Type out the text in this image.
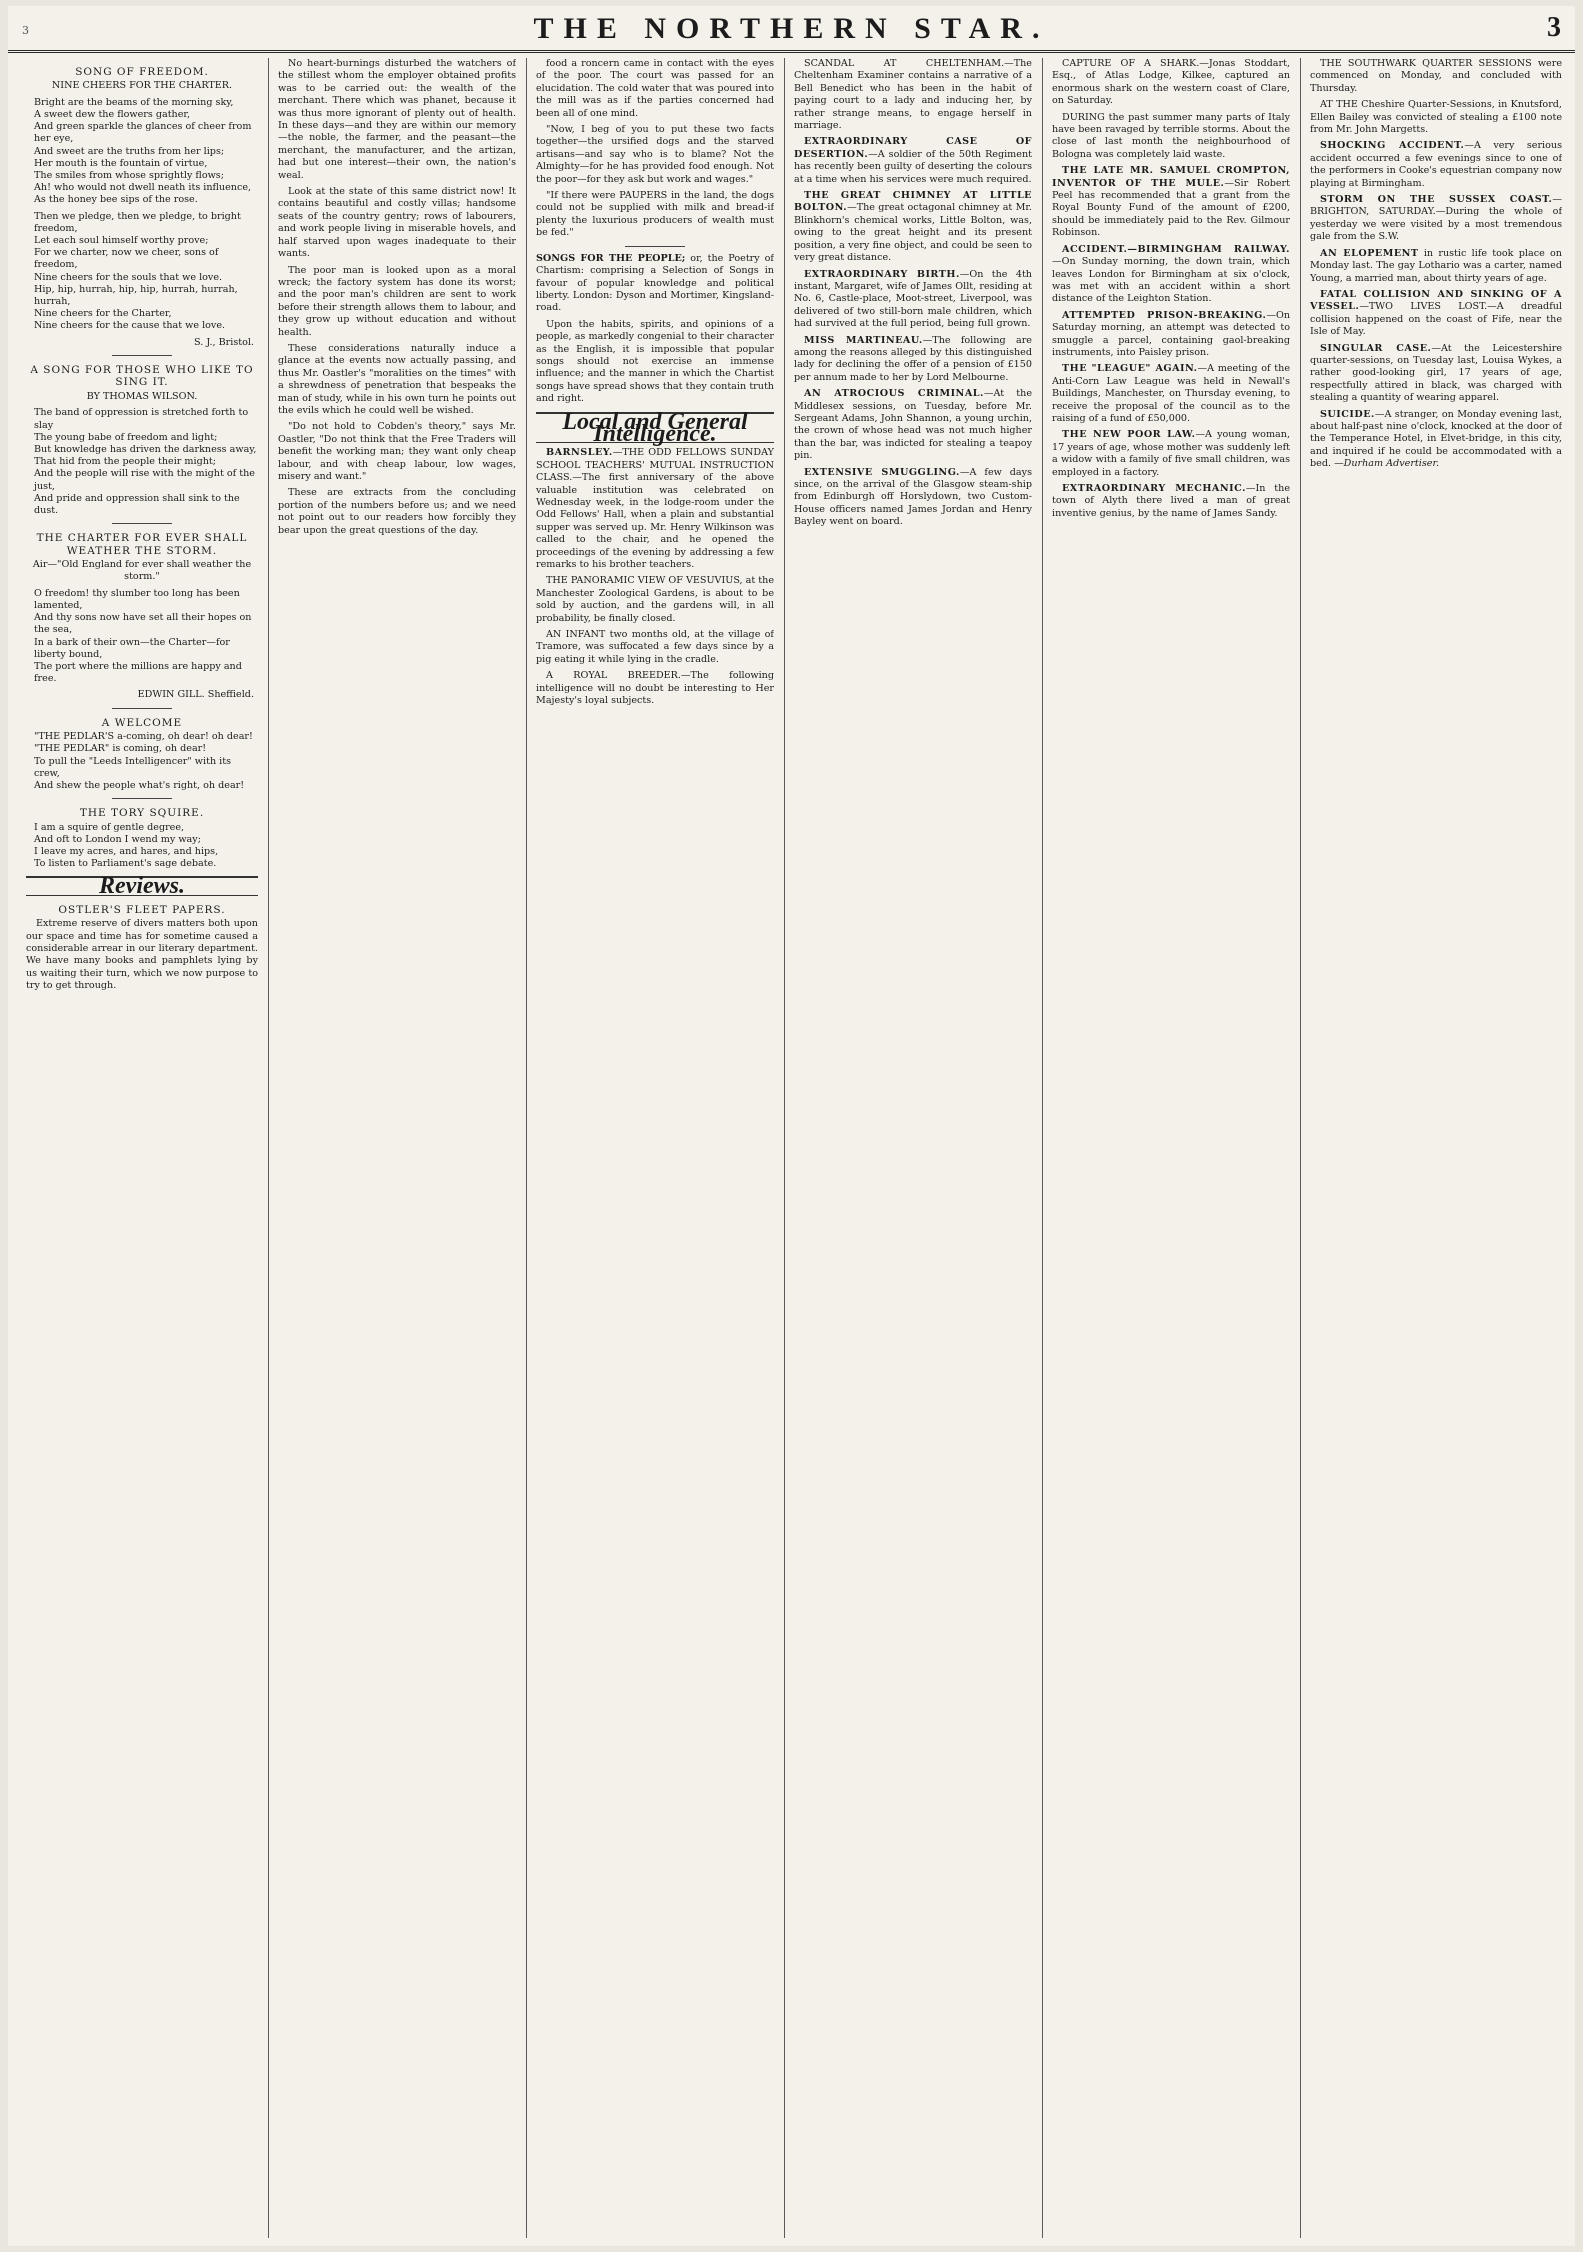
3	THE NORTHERN STAR.	3
SONG OF FREEDOM.
NINE CHEERS FOR THE CHARTER.
Bright are the beams of the morning sky,
A sweet dew the flowers gather,
And green sparkle the glances of cheer from her eye,
And sweet are the truths from her lips;
Her mouth is the fountain of virtue,
The smiles from whose sprightly flows;
Ah! who would not dwell neath its influence,
As the honey bee sips of the rose.
Then we pledge, then we pledge, to bright freedom,
Let each soul himself worthy prove;
For we charter, now we cheer, sons of freedom,
Nine cheers for the souls that we love.
Hip, hip, hurrah, hip, hip, hurrah, hurrah, hurrah,
Nine cheers for the Charter,
Nine cheers for the cause that we love.
S. J., Bristol.
A SONG FOR THOSE WHO LIKE TO SING IT.
BY THOMAS WILSON.
The band of oppression is stretched forth to slay
The young babe of freedom and light;
But knowledge has driven the darkness away,
That hid from the people their might;
And the people will rise with the might of the just,
And pride and oppression shall sink to the dust.
THE CHARTER FOR EVER SHALL WEATHER THE STORM.
Air—"Old England for ever shall weather the storm."
O freedom! thy slumber too long has been lamented,
And thy sons now have set all their hopes on the sea,
In a bark of their own—the Charter—for liberty bound,
The port where the millions are happy and free.
EDWIN GILL. Sheffield.
A WELCOME
"THE PEDLAR'S a-coming, oh dear! oh dear!
"THE PEDLAR" is coming, oh dear!
To pull the "Leeds Intelligencer" with its crew,
And shew the people what's right, oh dear!
THE TORY SQUIRE.
I am a squire of gentle degree,
And oft to London I wend my way;
I leave my acres, and hares, and hips,
To listen to Parliament's sage debate.
Reviews.
OSTLER'S FLEET PAPERS.

Extreme reserve of divers matters both upon our space and time has for sometime caused a considerable arrear in our literary department. We have many books and pamphlets lying by us waiting their turn, which we now purpose to try to get through.

No heart-burnings disturbed the watchers of the stillest whom the employer obtained profits was to be carried out: the wealth of the merchant. There which was phanet, because it was thus more ignorant of plenty out of health. In these days—and they are within our memory—the noble, the farmer, and the peasant—the merchant, the manufacturer, and the artizan, had but one interest—their own, the nation's weal.

Look at the state of this same district now! It contains beautiful and costly villas; handsome seats of the country gentry; rows of labourers, and work people living in miserable hovels, and half starved upon wages inadequate to their wants.

The poor man is looked upon as a moral wreck; the factory system has done its worst; and the poor man's children are sent to work before their strength allows them to labour, and they grow up without education and without health.

These considerations naturally induce a glance at the events now actually passing, and thus Mr. Oastler's "moralities on the times" with a shrewdness of penetration that bespeaks the man of study, while in his own turn he points out the evils which he could well be wished.

"Do not hold to Cobden's theory," says Mr. Oastler, "Do not think that the Free Traders will benefit the working man; they want only cheap labour, and with cheap labour, low wages, misery and want."

These are extracts from the concluding portion of the numbers before us; and we need not point out to our readers how forcibly they bear upon the great questions of the day.

food a roncern came in contact with the eyes of the poor. The court was passed for an elucidation. The cold water that was poured into the mill was as if the parties concerned had been all of one mind.

"Now, I beg of you to put these two facts together—the ursified dogs and the starved artisans—and say who is to blame? Not the Almighty—for he has provided food enough. Not the poor—for they ask but work and wages."

"If there were PAUPERS in the land, the dogs could not be supplied with milk and bread-if plenty the luxurious producers of wealth must be fed."

SONGS FOR THE PEOPLE; or, the Poetry of Chartism: comprising a Selection of Songs in favour of popular knowledge and political liberty. London: Dyson and Mortimer, Kingsland-road.

Upon the habits, spirits, and opinions of a people, as markedly congenial to their character as the English, it is impossible that popular songs should not exercise an immense influence; and the manner in which the Chartist songs have spread shows that they contain truth and right.

Local and General Intelligence.

BARNSLEY.—THE ODD FELLOWS SUNDAY SCHOOL TEACHERS' MUTUAL INSTRUCTION CLASS.—The first anniversary of the above valuable institution was celebrated on Wednesday week, in the lodge-room under the Odd Fellows' Hall, when a plain and substantial supper was served up. Mr. Henry Wilkinson was called to the chair, and he opened the proceedings of the evening by addressing a few remarks to his brother teachers.

THE PANORAMIC VIEW OF VESUVIUS, at the Manchester Zoological Gardens, is about to be sold by auction, and the gardens will, in all probability, be finally closed.

AN INFANT two months old, at the village of Tramore, was suffocated a few days since by a pig eating it while lying in the cradle.

A ROYAL BREEDER.—The following intelligence will no doubt be interesting to Her Majesty's loyal subjects.

SCANDAL AT CHELTENHAM.—The Cheltenham Examiner contains a narrative of a Bell Benedict who has been in the habit of paying court to a lady and inducing her, by rather strange means, to engage herself in marriage.

EXTRAORDINARY CASE OF DESERTION.—A soldier of the 50th Regiment has recently been guilty of deserting the colours at a time when his services were much required.

THE GREAT CHIMNEY AT LITTLE BOLTON.—The great octagonal chimney at Mr. Blinkhorn's chemical works, Little Bolton, was, owing to the great height and its present position, a very fine object, and could be seen to very great distance.

EXTRAORDINARY BIRTH.—On the 4th instant, Margaret, wife of James Ollt, residing at No. 6, Castle-place, Moot-street, Liverpool, was delivered of two still-born male children, which had survived at the full period, being full grown.

MISS MARTINEAU.—The following are among the reasons alleged by this distinguished lady for declining the offer of a pension of £150 per annum made to her by Lord Melbourne.

AN ATROCIOUS CRIMINAL.—At the Middlesex sessions, on Tuesday, before Mr. Sergeant Adams, John Shannon, a young urchin, the crown of whose head was not much higher than the bar, was indicted for stealing a teapoy pin.

EXTENSIVE SMUGGLING.—A few days since, on the arrival of the Glasgow steam-ship from Edinburgh off Horslydown, two Custom-House officers named James Jordan and Henry Bayley went on board.

CAPTURE OF A SHARK.—Jonas Stoddart, Esq., of Atlas Lodge, Kilkee, captured an enormous shark on the western coast of Clare, on Saturday.

DURING the past summer many parts of Italy have been ravaged by terrible storms. About the close of last month the neighbourhood of Bologna was completely laid waste.

THE LATE MR. SAMUEL CROMPTON, INVENTOR OF THE MULE.—Sir Robert Peel has recommended that a grant from the Royal Bounty Fund of the amount of £200, should be immediately paid to the Rev. Gilmour Robinson.

ACCIDENT.—BIRMINGHAM RAILWAY.—On Sunday morning, the down train, which leaves London for Birmingham at six o'clock, was met with an accident within a short distance of the Leighton Station.

ATTEMPTED PRISON-BREAKING.—On Saturday morning, an attempt was detected to smuggle a parcel, containing gaol-breaking instruments, into Paisley prison.

THE "LEAGUE" AGAIN.—A meeting of the Anti-Corn Law League was held in Newall's Buildings, Manchester, on Thursday evening, to receive the proposal of the council as to the raising of a fund of £50,000.

THE NEW POOR LAW.—A young woman, 17 years of age, whose mother was suddenly left a widow with a family of five small children, was employed in a factory.

EXTRAORDINARY MECHANIC.—In the town of Alyth there lived a man of great inventive genius, by the name of James Sandy.

THE SOUTHWARK QUARTER SESSIONS were commenced on Monday, and concluded with Thursday.

AT THE Cheshire Quarter-Sessions, in Knutsford, Ellen Bailey was convicted of stealing a £100 note from Mr. John Margetts.

SHOCKING ACCIDENT.—A very serious accident occurred a few evenings since to one of the performers in Cooke's equestrian company now playing at Birmingham.

STORM ON THE SUSSEX COAST.—BRIGHTON, SATURDAY.—During the whole of yesterday we were visited by a most tremendous gale from the S.W.

AN ELOPEMENT in rustic life took place on Monday last. The gay Lothario was a carter, named Young, a married man, about thirty years of age.

FATAL COLLISION AND SINKING OF A VESSEL.—TWO LIVES LOST.—A dreadful collision happened on the coast of Fife, near the Isle of May.

SINGULAR CASE.—At the Leicestershire quarter-sessions, on Tuesday last, Louisa Wykes, a rather good-looking girl, 17 years of age, respectfully attired in black, was charged with stealing a quantity of wearing apparel.

SUICIDE.—A stranger, on Monday evening last, about half-past nine o'clock, knocked at the door of the Temperance Hotel, in Elvet-bridge, in this city, and inquired if he could be accommodated with a bed. —Durham Advertiser.
